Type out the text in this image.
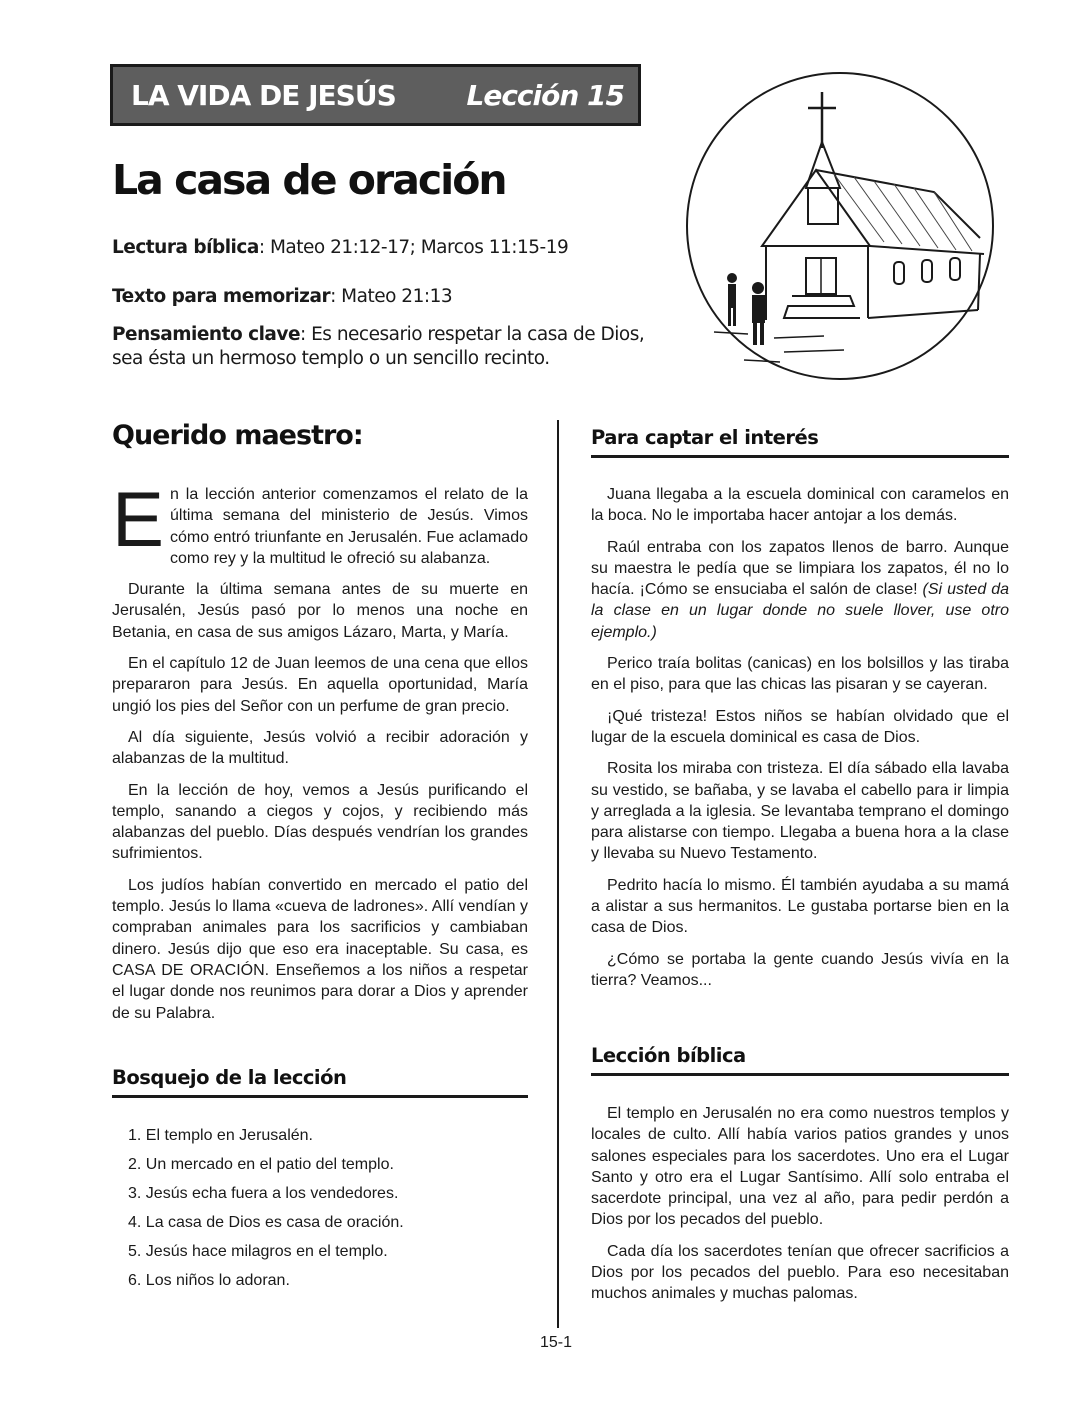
LA VIDA DE JESÚS	Lección 15
La casa de oración
Lectura bíblica: Mateo 21:12-17; Marcos 11:15-19
Texto para memorizar: Mateo 21:13
Pensamiento clave: Es necesario respetar la casa de Dios, sea ésta un hermoso templo o un sencillo recinto.
Querido maestro:

En la lección anterior comenzamos el relato de la última semana del ministerio de Jesús. Vimos cómo entró triunfante en Jerusalén. Fue aclamado como rey y la multitud le ofreció su alabanza.

Durante la última semana antes de su muerte en Jerusalén, Jesús pasó por lo menos una noche en Betania, en casa de sus amigos Lázaro, Marta, y María.

En el capítulo 12 de Juan leemos de una cena que ellos prepararon para Jesús. En aquella oportunidad, María ungió los pies del Señor con un perfume de gran precio.

Al día siguiente, Jesús volvió a recibir adoración y alabanzas de la multitud.

En la lección de hoy, vemos a Jesús purificando el templo, sanando a ciegos y cojos, y recibiendo más alabanzas del pueblo. Días después vendrían los grandes sufrimientos.

Los judíos habían convertido en mercado el patio del templo. Jesús lo llama «cueva de ladrones». Allí vendían y compraban animales para los sacrificios y cambiaban dinero. Jesús dijo que eso era inaceptable. Su casa, es CASA DE ORACIÓN. Enseñemos a los niños a respetar el lugar donde nos reunimos para dorar a Dios y aprender de su Palabra.

Bosquejo de la lección
1. El templo en Jerusalén.
2. Un mercado en el patio del templo.
3. Jesús echa fuera a los vendedores.
4. La casa de Dios es casa de oración.
5. Jesús hace milagros en el templo.
6. Los niños lo adoran.
Para captar el interés

Juana llegaba a la escuela dominical con caramelos en la boca. No le importaba hacer antojar a los demás.

Raúl entraba con los zapatos llenos de barro. Aunque su maestra le pedía que se limpiara los zapatos, él no lo hacía. ¡Cómo se ensuciaba el salón de clase! (Si usted da la clase en un lugar donde no suele llover, use otro ejemplo.)

Perico traía bolitas (canicas) en los bolsillos y las tiraba en el piso, para que las chicas las pisaran y se cayeran.

¡Qué tristeza! Estos niños se habían olvidado que el lugar de la escuela dominical es casa de Dios.

Rosita los miraba con tristeza. El día sábado ella lavaba su vestido, se bañaba, y se lavaba el cabello para ir limpia y arreglada a la iglesia. Se levantaba temprano el domingo para alistarse con tiempo. Llegaba a buena hora a la clase y llevaba su Nuevo Testamento.

Pedrito hacía lo mismo. Él también ayudaba a su mamá a alistar a sus hermanitos. Le gustaba portarse bien en la casa de Dios.

¿Cómo se portaba la gente cuando Jesús vivía en la tierra? Veamos...

Lección bíblica

El templo en Jerusalén no era como nuestros templos y locales de culto. Allí había varios patios grandes y unos salones especiales para los sacerdotes. Uno era el Lugar Santo y otro era el Lugar Santísimo. Allí solo entraba el sacerdote principal, una vez al año, para pedir perdón a Dios por los pecados del pueblo.

Cada día los sacerdotes tenían que ofrecer sacrificios a Dios por los pecados del pueblo. Para eso necesitaban muchos animales y muchas palomas.

15-1
